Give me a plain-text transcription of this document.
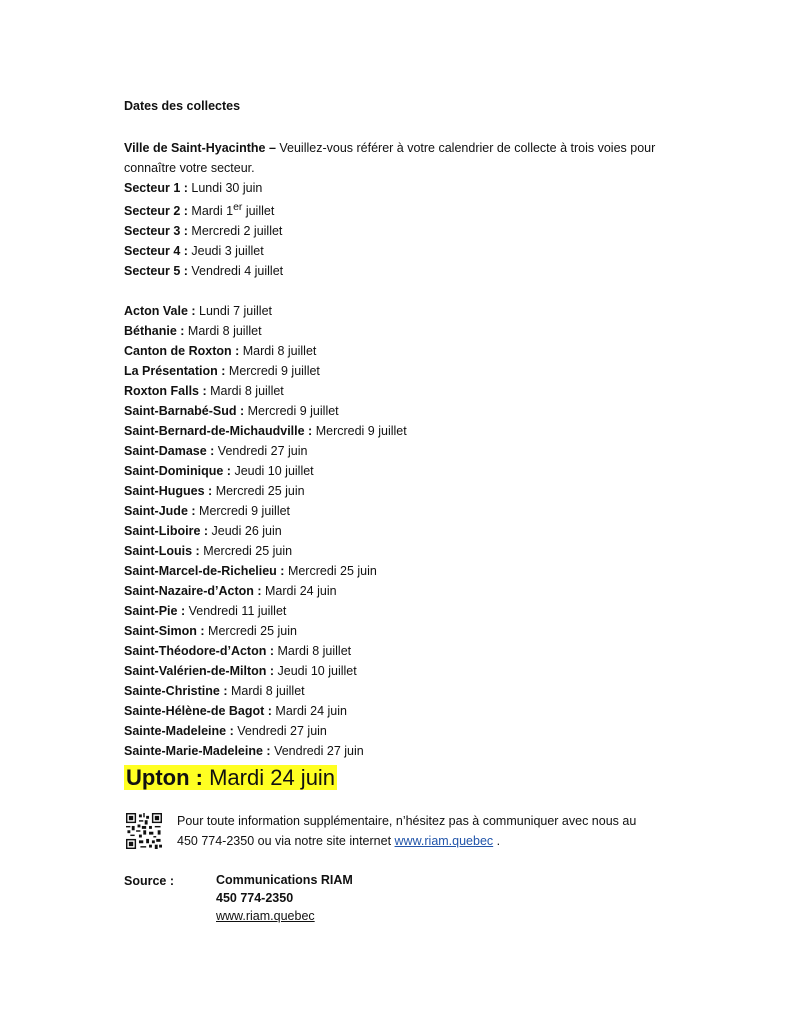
Dates des collectes

Ville de Saint-Hyacinthe – Veuillez-vous référer à votre calendrier de collecte à trois voies pour connaître votre secteur.

Secteur 1 : Lundi 30 juin

Secteur 2 : Mardi 1er juillet

Secteur 3 : Mercredi 2 juillet

Secteur 4 : Jeudi 3 juillet

Secteur 5 : Vendredi 4 juillet

Acton Vale : Lundi 7 juillet

Béthanie : Mardi 8 juillet

Canton de Roxton : Mardi 8 juillet

La Présentation : Mercredi 9 juillet

Roxton Falls : Mardi 8 juillet

Saint-Barnabé-Sud : Mercredi 9 juillet

Saint-Bernard-de-Michaudville : Mercredi 9 juillet

Saint-Damase : Vendredi 27 juin

Saint-Dominique : Jeudi 10 juillet

Saint-Hugues : Mercredi 25 juin

Saint-Jude : Mercredi 9 juillet

Saint-Liboire : Jeudi 26 juin

Saint-Louis : Mercredi 25 juin

Saint-Marcel-de-Richelieu : Mercredi 25 juin

Saint-Nazaire-d’Acton : Mardi 24 juin

Saint-Pie : Vendredi 11 juillet

Saint-Simon : Mercredi 25 juin

Saint-Théodore-d’Acton : Mardi 8 juillet

Saint-Valérien-de-Milton : Jeudi 10 juillet

Sainte-Christine : Mardi 8 juillet

Sainte-Hélène-de Bagot : Mardi 24 juin

Sainte-Madeleine : Vendredi 27 juin

Sainte-Marie-Madeleine : Vendredi 27 juin

Upton : Mardi 24 juin

Pour toute information supplémentaire, n’hésitez pas à communiquer avec nous au
450 774-2350 ou via notre site internet www.riam.quebec .
Source :	Communications RIAM
450 774-2350
www.riam.quebec
